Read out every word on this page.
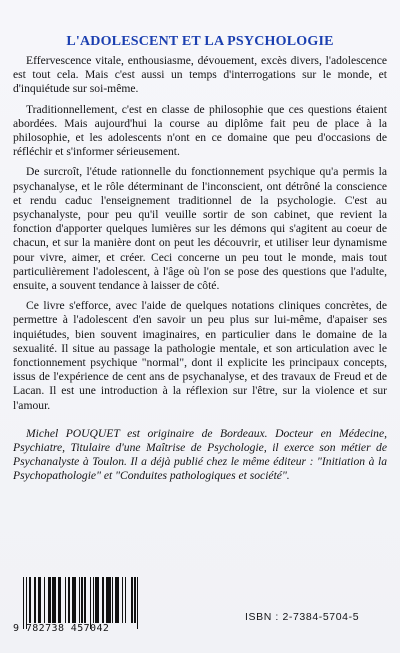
L'ADOLESCENT ET LA PSYCHOLOGIE

Effervescence vitale, enthousiasme, dévouement, excès divers, l'adolescence est tout cela. Mais c'est aussi un temps d'interrogations sur le monde, et d'inquiétude sur soi-même.

Traditionnellement, c'est en classe de philosophie que ces questions étaient abordées. Mais aujourd'hui la course au diplôme fait peu de place à la philosophie, et les adolescents n'ont en ce domaine que peu d'occasions de réfléchir et s'informer sérieusement.

De surcroît, l'étude rationnelle du fonctionnement psychique qu'a permis la psychanalyse, et le rôle déterminant de l'inconscient, ont détrôné la conscience et rendu caduc l'enseignement traditionnel de la psychologie. C'est au psychanalyste, pour peu qu'il veuille sortir de son cabinet, que revient la fonction d'apporter quelques lumières sur les démons qui s'agitent au coeur de chacun, et sur la manière dont on peut les découvrir, et utiliser leur dynamisme pour vivre, aimer, et créer. Ceci concerne un peu tout le monde, mais tout particulièrement l'adolescent, à l'âge où l'on se pose des questions que l'adulte, ensuite, a souvent tendance à laisser de côté.

Ce livre s'efforce, avec l'aide de quelques notations cliniques concrètes, de permettre à l'adolescent d'en savoir un peu plus sur lui-même, d'apaiser ses inquiétudes, bien souvent imaginaires, en particulier dans le domaine de la sexualité. Il situe au passage la pathologie mentale, et son articulation avec le fonctionnement psychique "normal", dont il explicite les principaux concepts, issus de l'expérience de cent ans de psychanalyse, et des travaux de Freud et de Lacan. Il est une introduction à la réflexion sur l'être, sur la violence et sur l'amour.

Michel POUQUET est originaire de Bordeaux. Docteur en Médecine, Psychiatre, Titulaire d'une Maîtrise de Psychologie, il exerce son métier de Psychanalyste à Toulon. Il a déjà publié chez le même éditeur : "Initiation à la Psychopathologie" et "Conduites pathologiques et société".

9 782738 457042
ISBN : 2-7384-5704-5
